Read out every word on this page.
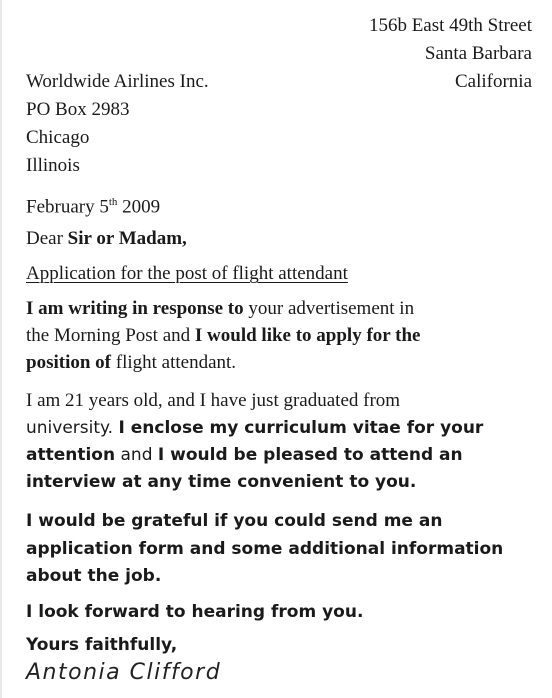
156b East 49th Street
Santa Barbara
California
Worldwide Airlines Inc.
PO Box 2983
Chicago
Illinois
February 5th 2009
Dear Sir or Madam,
Application for the post of flight attendant
I am writing in response to your advertisement in
the Morning Post and I would like to apply for the
position of flight attendant.
I am 21 years old, and I have just graduated from
university. I enclose my curriculum vitae for your
attention and I would be pleased to attend an
interview at any time convenient to you.
I would be grateful if you could send me an
application form and some additional information
about the job.
I look forward to hearing from you.
Yours faithfully,
Antonia Clifford
